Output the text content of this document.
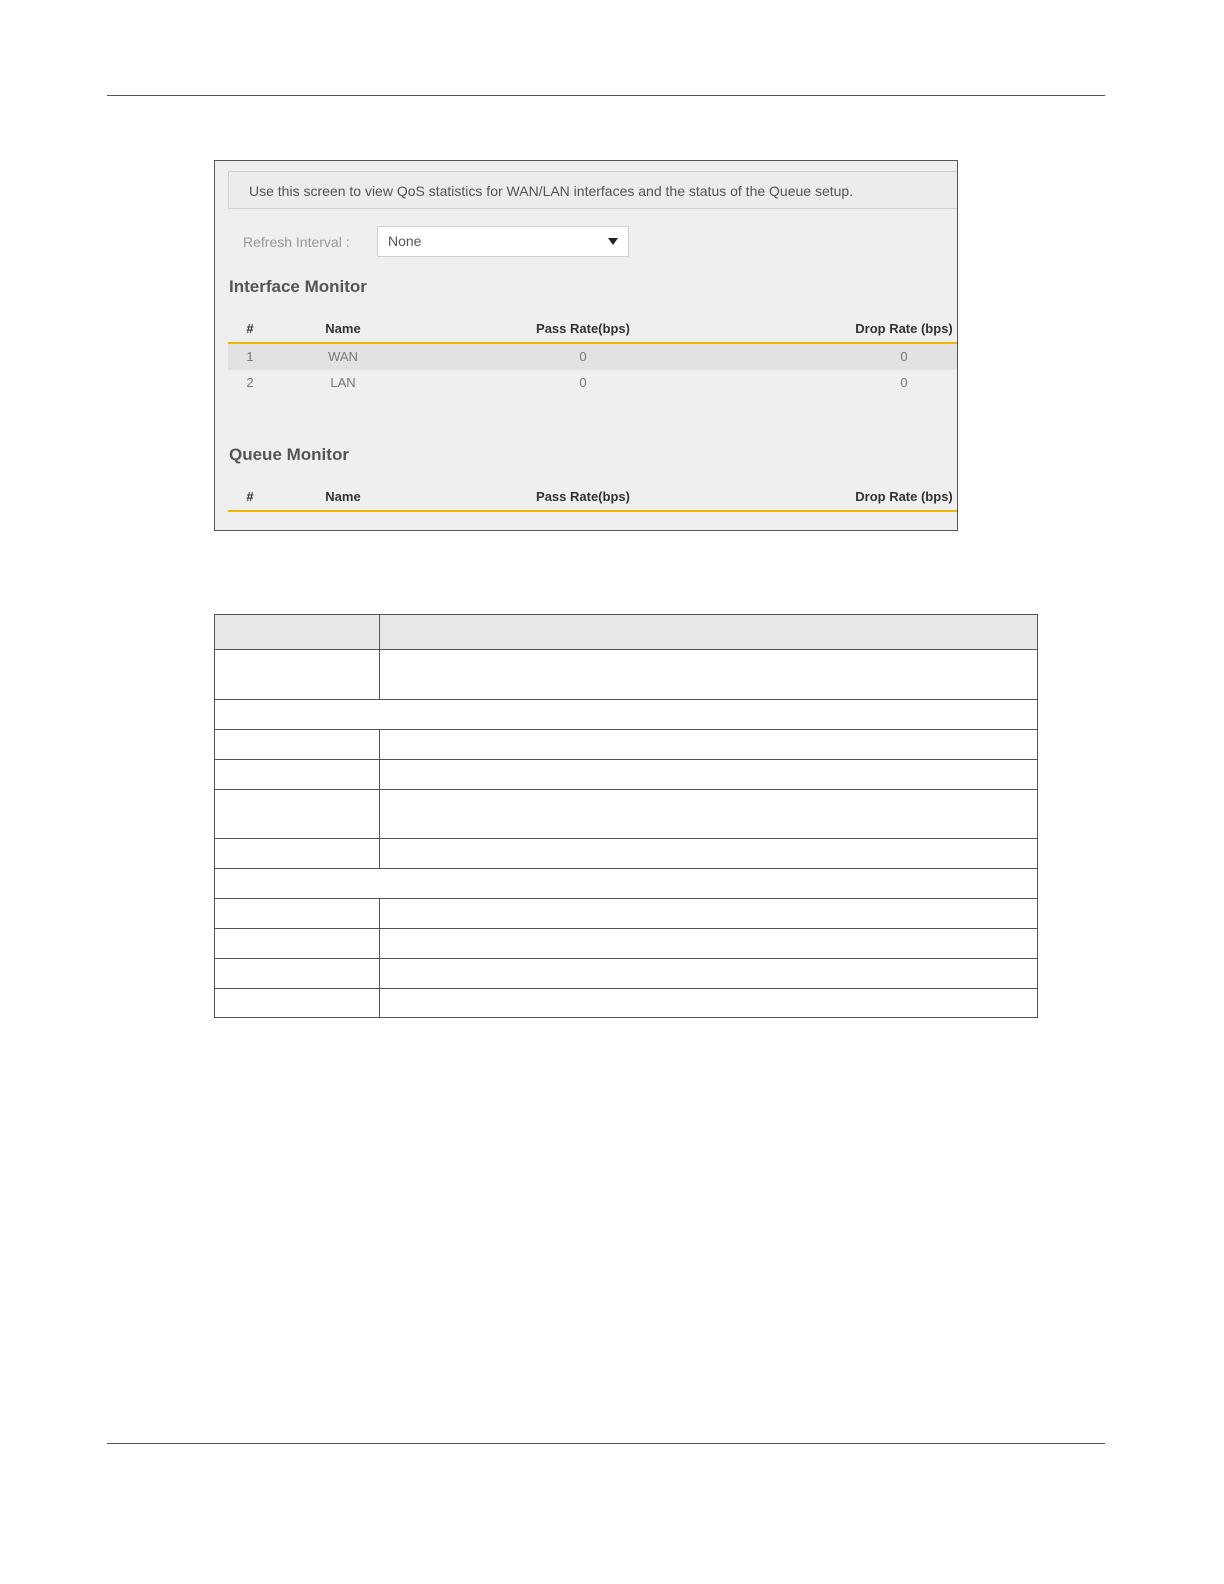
Use this screen to view QoS statistics for WAN/LAN interfaces and the status of the Queue setup.
Refresh Interval :	None
Interface Monitor
#	Name	Pass Rate(bps)	Drop Rate (bps)
1	WAN	0	0
2	LAN	0	0
Queue Monitor
#	Name	Pass Rate(bps)	Drop Rate (bps)
